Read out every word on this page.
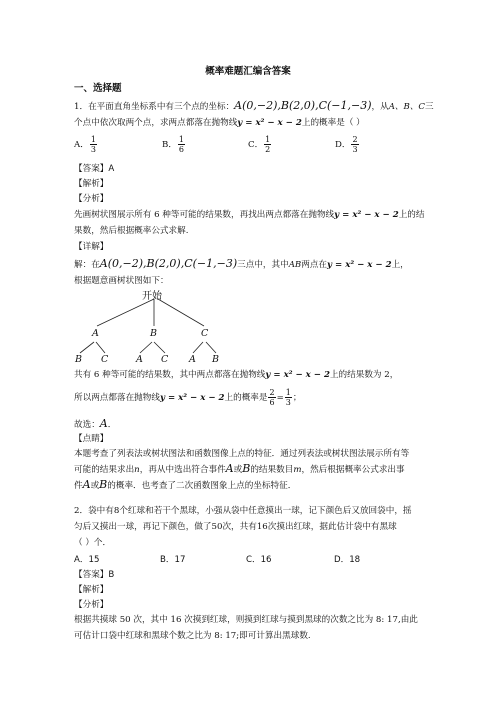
概率难题汇编含答案
一、选择题
1．在平面直角坐标系中有三个点的坐标：A(0,−2),B(2,0),C(−1,−3)，从A、B、C三
个点中依次取两个点，求两点都落在抛物线y = x² − x − 2上的概率是（ ）
A． $\frac{1}{3}$	B． $\frac{1}{6}$	C． $\frac{1}{2}$	D． $\frac{2}{3}$
【答案】A
【解析】
【分析】
先画树状图展示所有 6 种等可能的结果数，再找出两点都落在抛物线y = x² − x − 2上的结
果数，然后根据概率公式求解.
【详解】
解：在A(0,−2),B(2,0),C(−1,−3)三点中，其中AB两点在y = x² − x − 2上，
根据题意画树状图如下：
开始
A	B	C
B C	A C A B
共有 6 种等可能的结果数，其中两点都落在抛物线y = x² − x − 2上的结果数为 2，
所以两点都落在抛物线y = x² − x − 2上的概率是 $\frac{2}{6} = \frac{1}{3}$ ；
故选：A．
【点睛】
本题考查了列表法或树状图法和函数图像上点的特征．通过列表法或树状图法展示所有等
可能的结果求出n，再从中选出符合事件A或B的结果数目m，然后根据概率公式求出事
件A或B的概率．也考查了二次函数图象上点的坐标特征．
2．袋中有8个红球和若干个黑球，小强从袋中任意摸出一球，记下颜色后又放回袋中，摇
匀后又摸出一球，再记下颜色，做了50次，共有16次摸出红球，据此估计袋中有黑球
（ ）个．
A．15	B．17	C．16	D．18
【答案】B
【解析】
【分析】
根据共摸球 50 次，其中 16 次摸到红球，则摸到红球与摸到黑球的次数之比为 8: 17,由此
可估计口袋中红球和黑球个数之比为 8: 17;即可计算出黑球数.
